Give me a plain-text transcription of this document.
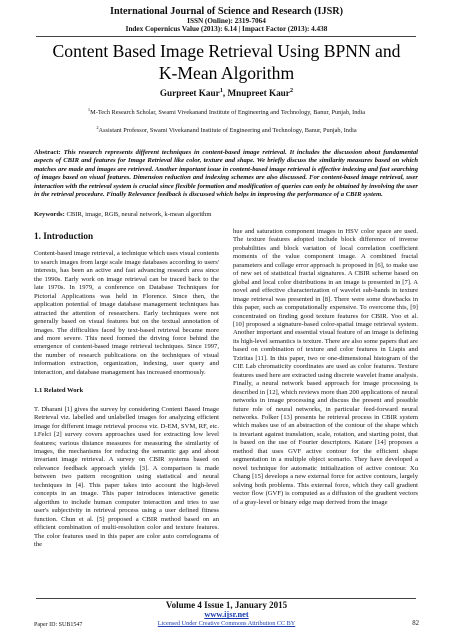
International Journal of Science and Research (IJSR)
ISSN (Online): 2319-7064
Index Copernicus Value (2013): 6.14 | Impact Factor (2013): 4.438
Content Based Image Retrieval Using BPNN and
K-Mean Algorithm
Gurpreet Kaur$^1$, Mnupreet Kaur$^2$
$^1$M-Tech Research Scholar, Swami Vivekanand Institute of Engineering and Technology, Banur, Punjab, India
$^2$Assistant Professor, Swami Vivekanand Institute of Engineering and Technology, Banur, Punjab, India
Abstract: This research represents different techniques in content-based image retrieval. It includes the discussion about fundamental aspects of CBIR and features for Image Retrieval like color, texture and shape. We briefly discuss the similarity measures based on which matches are made and images are retrieved. Another important issue in content-based image retrieval is effective indexing and fast searching of images based on visual features. Dimension reduction and indexing schemes are also discussed. For content-based image retrieval, user interaction with the retrieval system is crucial since flexible formation and modification of queries can only be obtained by involving the user in the retrieval procedure. Finally Relevance feedback is discussed which helps in improving the performance of a CBIR system.
Keywords: CBIR, image, RGB, neural network, k-mean algorithm
1. Introduction

Content-based image retrieval, a technique which uses visual contents to search images from large scale image databases according to users' interests, has been an active and fast advancing research area since the 1990s. Early work on image retrieval can be traced back to the late 1970s. In 1979, a conference on Database Techniques for Pictorial Applications was held in Florence. Since then, the application potential of image database management techniques has attracted the attention of researchers. Early techniques were not generally based on visual features but on the textual annotation of images. The difficulties faced by text-based retrieval became more and more severe. This need formed the driving force behind the emergence of content-based image retrieval techniques. Since 1997, the number of research publications on the techniques of visual information extraction, organization, indexing, user query and interaction, and database management has increased enormously.

1.1 Related Work

T. Dharani [1] gives the survey by considering Content Based Image Retrieval viz. labelled and unlabelled images for analyzing efficient image for different image retrieval process viz. D-EM, SVM, RF, etc. I.Felci [2] survey covers approaches used for extracting low level features; various distance measures for measuring the similarity of images, the mechanisms for reducing the semantic gap and about invariant image retrieval. A survey on CBIR systems based on relevance feedback approach yields [3]. A comparison is made between two pattern recognition using statistical and neural techniques in [4]. This paper takes into account the high-level concepts in an image. This paper introduces interactive genetic algorithm to include human computer interaction and tries to use user's subjectivity in retrieval process using a user defined fitness function. Chun et al. [5] proposed a CBIR method based on an efficient combination of multi-resolution color and texture features. The color features used in this paper are color auto correlograms of the

hue and saturation component images in HSV color space are used. The texture features adopted include block difference of inverse probabilities and block variation of local correlation coefficient moments of the value component image. A combined fractal parameters and collage error approach is proposed in [6], to make use of new set of statistical fractal signatures. A CBIR scheme based on global and local color distributions in an image is presented in [7]. A novel and effective characterization of wavelet sub-bands in texture image retrieval was presented in [8]. There were some drawbacks in this paper, such as computationally expensive. To overcome this, [9] concentrated on finding good texture features for CBIR. Yoo et al. [10] proposed a signature-based color-spatial image retrieval system. Another important and essential visual feature of an image is defining its high-level semantics is texture. There are also some papers that are based on combination of texture and color features in Liapis and Tziritas [11]. In this paper, two or one-dimensional histogram of the CIE Lab chromaticity coordinates are used as color features. Texture features used here are extracted using discrete wavelet frame analysis. Finally, a neural network based approach for image processing is described in [12], which reviews more than 200 applications of neural networks in image processing and discuss the present and possible future role of neural networks, in particular feed-forward neural networks. Folker [13] presents he retrieval process in CBIR system which makes use of an abstraction of the contour of the shape which is invariant against translation, scale, rotation, and starting point, that is based on the use of Fourier descriptors. Katare [14] proposes a method that uses GVF active contour for the efficient shape segmentation in a multiple object scenario. They have developed a novel technique for automatic initialization of active contour. Xu Chang [15] develops a new external force for active contours, largely solving both problems. This external force, which they call gradient vector flow (GVF) is computed as a diffusion of the gradient vectors of a gray-level or binary edge map derived from the image

Volume 4 Issue 1, January 2015
www.ijsr.net
Licensed Under Creative Commons Attribution CC BY
Paper ID: SUB1547	82
